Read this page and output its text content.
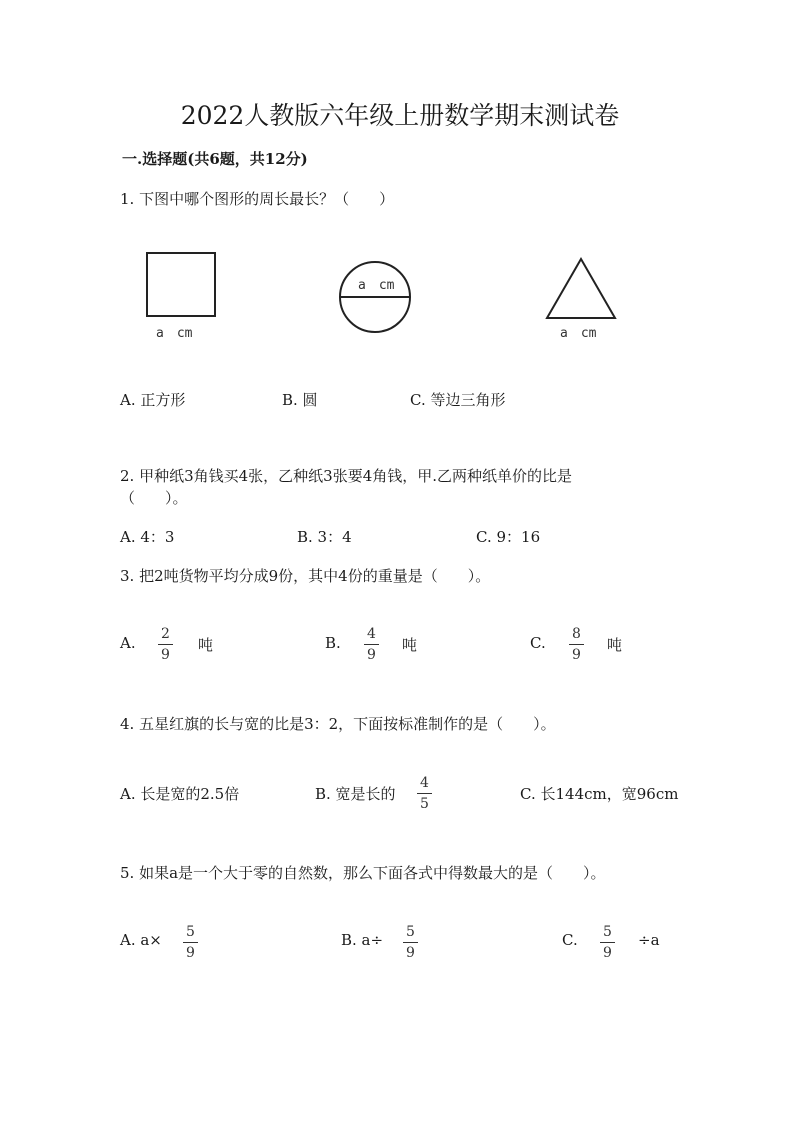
2022人教版六年级上册数学期末测试卷
一.选择题(共6题，共12分)
1. 下图中哪个图形的周长最长？（　　）
a　cm
a　cm
a　cm
A. 正方形	B. 圆	C. 等边三角形
2. 甲种纸3角钱买4张，乙种纸3张要4角钱，甲.乙两种纸单价的比是
（　　）。
A. 4：3	B. 3：4	C. 9：16
3. 把2吨货物平均分成9份，其中4份的重量是（　　）。
A. $\frac{2}{9}$ 吨	B. $\frac{4}{9}$ 吨	C. $\frac{8}{9}$ 吨
4. 五星红旗的长与宽的比是3：2，下面按标准制作的是（　　）。
A. 长是宽的2.5倍	B. 宽是长的 $\frac{4}{5}$	C. 长144cm，宽96cm
5. 如果a是一个大于零的自然数，那么下面各式中得数最大的是（　　）。
A. $a\times \frac{5}{9}$	B. $a\div \frac{5}{9}$	C. $\frac{5}{9} \div a$
